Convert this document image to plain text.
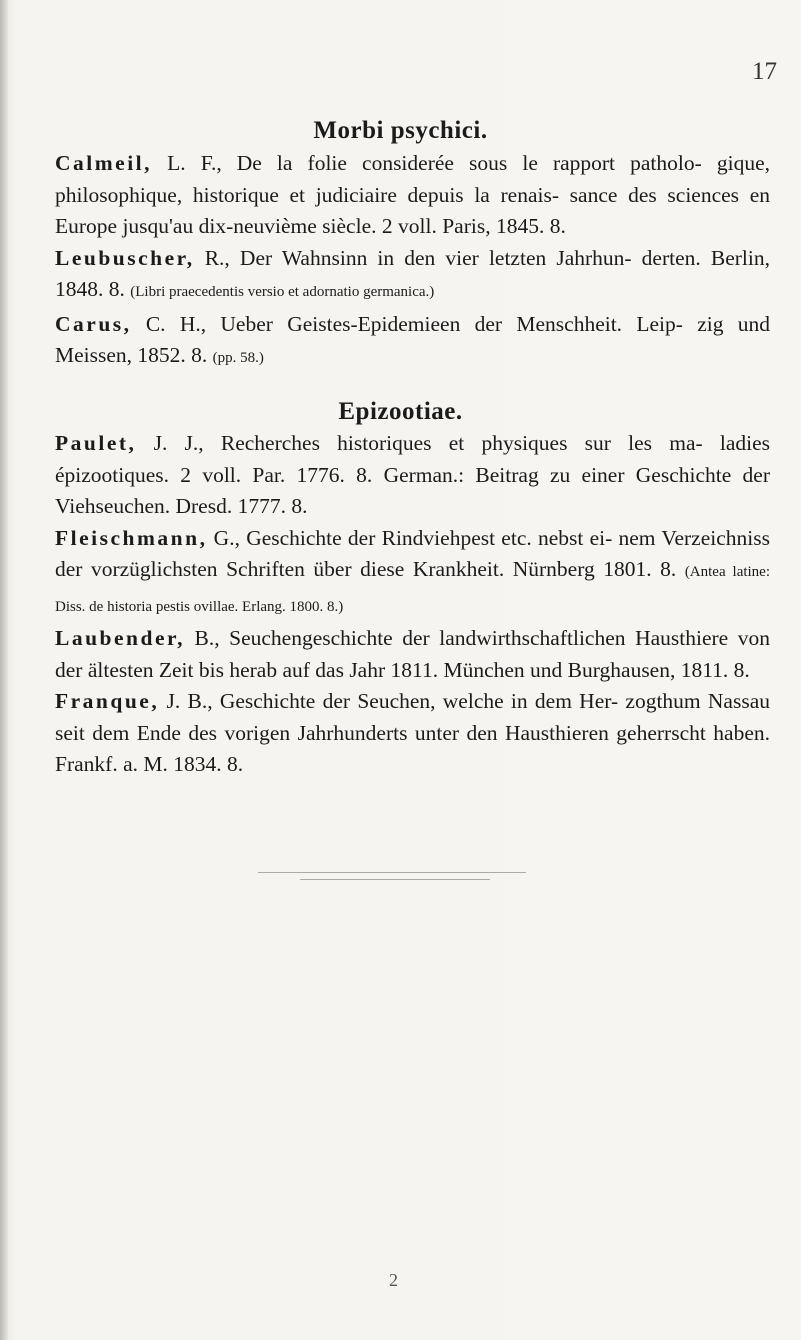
17
Morbi psychici.

Calmeil, L. F., De la folie considerée sous le rapport patholo- gique, philosophique, historique et judiciaire depuis la renais- sance des sciences en Europe jusqu'au dix-neuvième siècle. 2 voll. Paris, 1845. 8.

Leubuscher, R., Der Wahnsinn in den vier letzten Jahrhun- derten. Berlin, 1848. 8. (Libri praecedentis versio et adornatio germanica.)

Carus, C. H., Ueber Geistes-Epidemieen der Menschheit. Leip- zig und Meissen, 1852. 8. (pp. 58.)

Epizootiae.

Paulet, J. J., Recherches historiques et physiques sur les ma- ladies épizootiques. 2 voll. Par. 1776. 8. German.: Beitrag zu einer Geschichte der Viehseuchen. Dresd. 1777. 8.

Fleischmann, G., Geschichte der Rindviehpest etc. nebst ei- nem Verzeichniss der vorzüglichsten Schriften über diese Krankheit. Nürnberg 1801. 8. (Antea latine: Diss. de historia pestis ovillae. Erlang. 1800. 8.)

Laubender, B., Seuchengeschichte der landwirthschaftlichen Hausthiere von der ältesten Zeit bis herab auf das Jahr 1811. München und Burghausen, 1811. 8.

Franque, J. B., Geschichte der Seuchen, welche in dem Her- zogthum Nassau seit dem Ende des vorigen Jahrhunderts unter den Hausthieren geherrscht haben. Frankf. a. M. 1834. 8.

2
